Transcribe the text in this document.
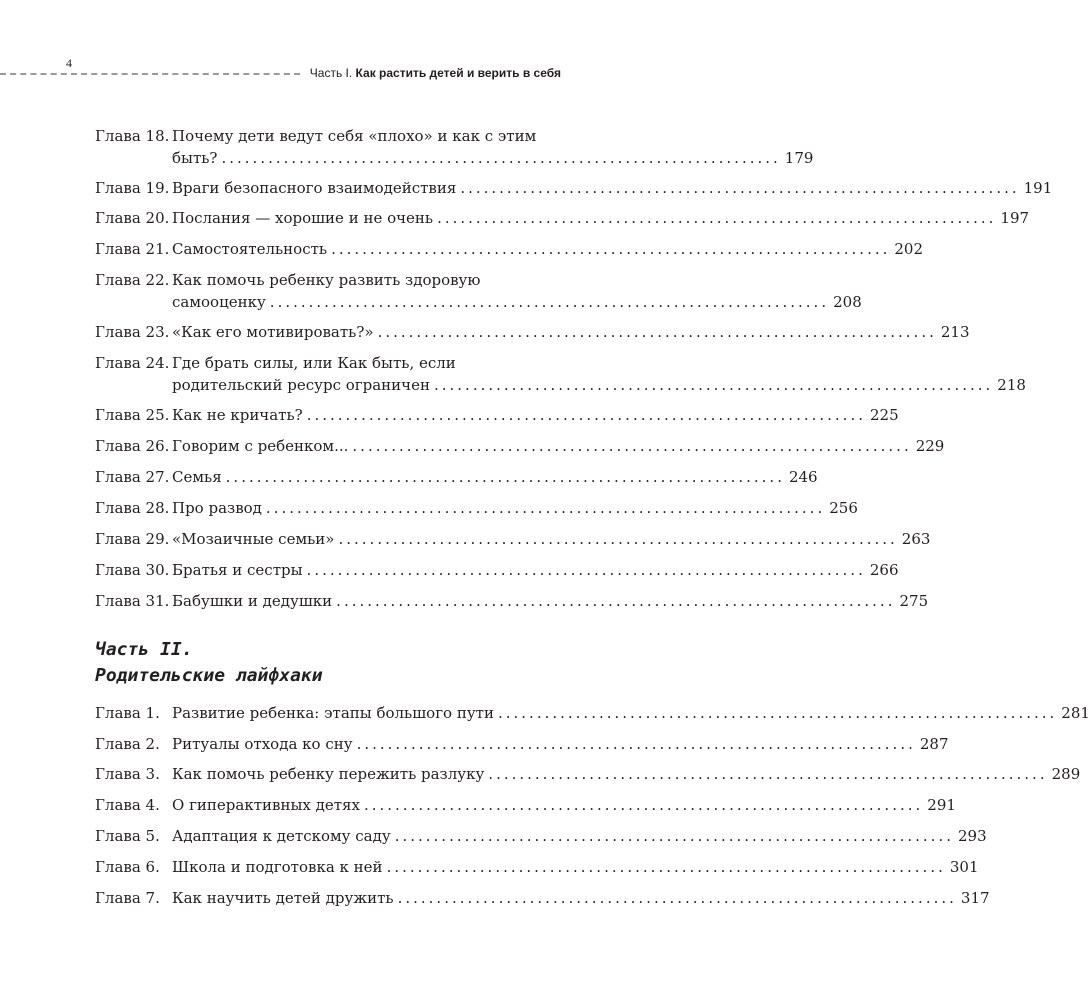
4
Часть I. Как растить детей и верить в себя
Глава 18. Почему дети ведут себя «плохо» и как с этим
быть? ........................................................................ 179
Глава 19. Враги безопасного взаимодействия ........................................................................ 191
Глава 20. Послания — хорошие и не очень ........................................................................ 197
Глава 21. Самостоятельность ........................................................................ 202
Глава 22. Как помочь ребенку развить здоровую
самооценку ........................................................................ 208
Глава 23. «Как его мотивировать?» ........................................................................ 213
Глава 24. Где брать силы, или Как быть, если
родительский ресурс ограничен ........................................................................ 218
Глава 25. Как не кричать? ........................................................................ 225
Глава 26. Говорим с ребенком... ........................................................................ 229
Глава 27. Семья ........................................................................ 246
Глава 28. Про развод ........................................................................ 256
Глава 29. «Мозаичные семьи» ........................................................................ 263
Глава 30. Братья и сестры ........................................................................ 266
Глава 31. Бабушки и дедушки ........................................................................ 275
Часть II.
Родительские лайфхаки
Глава 1. Развитие ребенка: этапы большого пути ........................................................................ 281
Глава 2. Ритуалы отхода ко сну ........................................................................ 287
Глава 3. Как помочь ребенку пережить разлуку ........................................................................ 289
Глава 4. О гиперактивных детях ........................................................................ 291
Глава 5. Адаптация к детскому саду ........................................................................ 293
Глава 6. Школа и подготовка к ней ........................................................................ 301
Глава 7. Как научить детей дружить ........................................................................ 317
